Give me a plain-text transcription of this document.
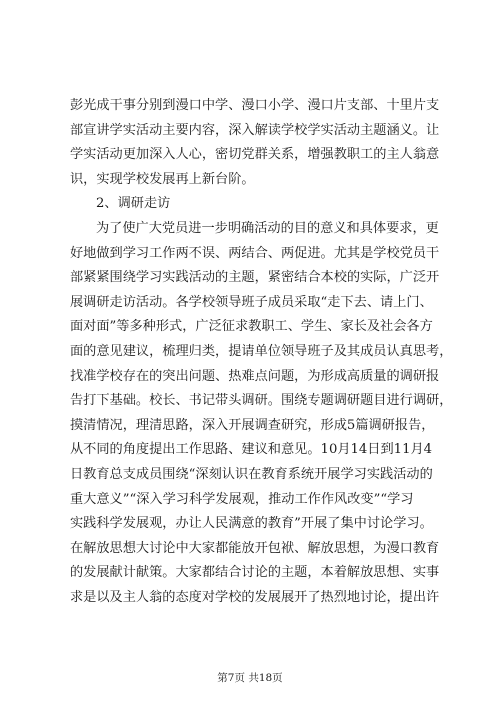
彭光成干事分别到漫口中学、漫口小学、漫口片支部、十里片支
部宣讲学实活动主要内容，深入解读学校学实活动主题涵义。让
学实活动更加深入人心，密切党群关系，增强教职工的主人翁意
识，实现学校发展再上新台阶。
2、调研走访
为了使广大党员进一步明确活动的目的意义和具体要求，更
好地做到学习工作两不误、两结合、两促进。尤其是学校党员干
部紧紧围绕学习实践活动的主题，紧密结合本校的实际，广泛开
展调研走访活动。各学校领导班子成员采取“走下去、请上门、
面对面”等多种形式，广泛征求教职工、学生、家长及社会各方
面的意见建议，梳理归类，提请单位领导班子及其成员认真思考，
找准学校存在的突出问题、热难点问题，为形成高质量的调研报
告打下基础。校长、书记带头调研。围绕专题调研题目进行调研，
摸清情况，理清思路，深入开展调查研究，形成5篇调研报告，
从不同的角度提出工作思路、建议和意见。10月14日到11月4
日教育总支成员围绕“深刻认识在教育系统开展学习实践活动的
重大意义”“深入学习科学发展观，推动工作作风改变”“学习
实践科学发展观，办让人民满意的教育”开展了集中讨论学习。
在解放思想大讨论中大家都能放开包袱、解放思想，为漫口教育
的发展献计献策。大家都结合讨论的主题，本着解放思想、实事
求是以及主人翁的态度对学校的发展展开了热烈地讨论，提出许
第7页 共18页
